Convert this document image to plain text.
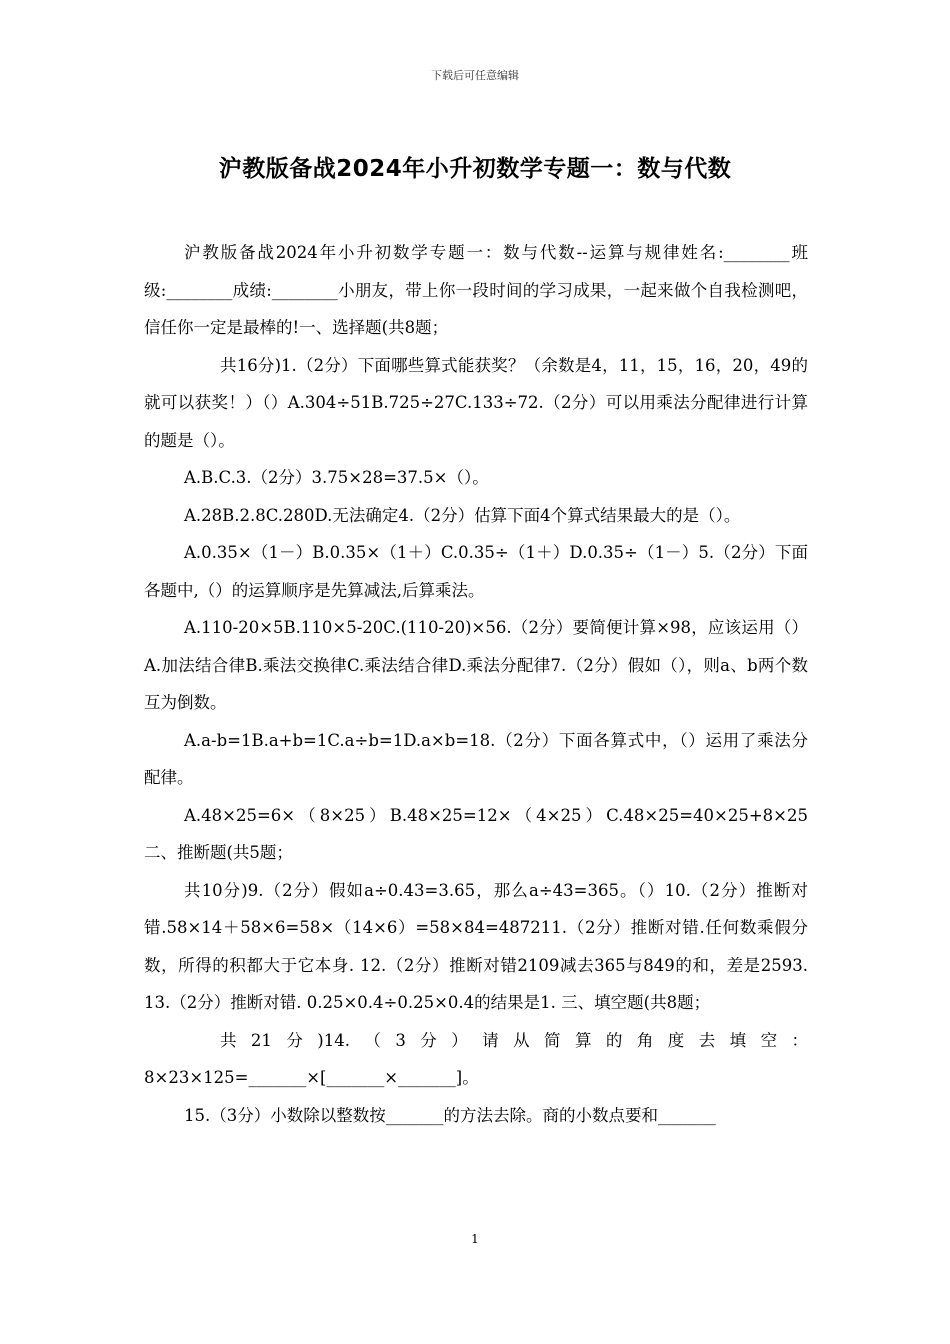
下载后可任意编辑
沪教版备战2024年小升初数学专题一：数与代数
沪教版备战2024年小升初数学专题一：数与代数--运算与规律姓名:________班级:________成绩:________小朋友，带上你一段时间的学习成果，一起来做个自我检测吧，信任你一定是最棒的!一、选择题(共8题；
共16分)1.（2分）下面哪些算式能获奖？（余数是4，11，15，16，20，49的就可以获奖！）（）A.304÷51B.725÷27C.133÷72.（2分）可以用乘法分配律进行计算的题是（）。
A.B.C.3.（2分）3.75×28=37.5×（）。
A.28B.2.8C.280D.无法确定4.（2分）估算下面4个算式结果最大的是（）。
A.0.35×（1－）B.0.35×（1＋）C.0.35÷（1＋）D.0.35÷（1－）5.（2分）下面各题中,（）的运算顺序是先算减法,后算乘法。
A.110-20×5B.110×5-20C.(110-20)×56.（2分）要简便计算×98，应该运用（）A.加法结合律B.乘法交换律C.乘法结合律D.乘法分配律7.（2分）假如（），则a、b两个数互为倒数。
A.a-b=1B.a+b=1C.a÷b=1D.a×b=18.（2分）下面各算式中，（）运用了乘法分配律。
A.48×25=6×（8×25）B.48×25=12×（4×25）C.48×25=40×25+8×25二、推断题(共5题；
共10分)9.（2分）假如a÷0.43=3.65，那么a÷43=365。（）10.（2分）推断对错.58×14＋58×6=58×（14×6）=58×84=487211.（2分）推断对错.任何数乘假分数，所得的积都大于它本身. 12.（2分）推断对错2109减去365与849的和，差是2593. 13.（2分）推断对错. 0.25×0.4÷0.25×0.4的结果是1. 三、填空题(共8题；
共21分)14.（3分）请从简算的角度去填空：8×23×125=_______×[_______×_______]。
15.（3分）小数除以整数按_______的方法去除。商的小数点要和_______
1
